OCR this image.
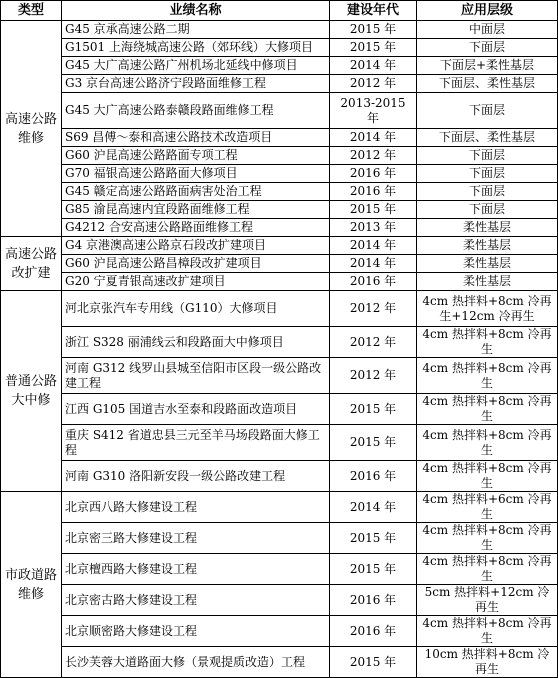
类型	业绩名称	建设年代	应用层级
高速公路维修	G45 京承高速公路二期	2015 年	中面层
	G1501 上海绕城高速公路（郊环线）大修项目	2015 年	下面层
	G45 大广高速公路广州机场北延线中修项目	2014 年	下面层+柔性基层
	G3 京台高速公路济宁段路面维修工程	2012 年	下面层、柔性基层
	G45 大广高速公路泰赣段路面维修工程	2013-2015 年	下面层
	S69 昌傅～泰和高速公路技术改造项目	2014 年	下面层、柔性基层
	G60 沪昆高速公路路面专项工程	2012 年	下面层
	G70 福银高速公路路面大修项目	2016 年	下面层
	G45 赣定高速公路路面病害处治工程	2016 年	下面层
	G85 渝昆高速内宜段路面维修工程	2015 年	下面层
	G4212 合安高速公路路面维修工程	2013 年	柔性基层
高速公路改扩建	G4 京港澳高速公路京石段改扩建项目	2014 年	柔性基层
	G60 沪昆高速公路昌樟段改扩建项目	2014 年	柔性基层
	G20 宁夏青银高速改扩建项目	2016 年	柔性基层
普通公路大中修	河北京张汽车专用线（G110）大修项目	2012 年	4cm 热拌料+8cm 冷再生+12cm 冷再生
	浙江 S328 丽浦线云和段路面大中修项目	2012 年	4cm 热拌料+8cm 冷再生
	河南 G312 线罗山县城至信阳市区段一级公路改建工程	2012 年	4cm 热拌料+8cm 冷再生
	江西 G105 国道吉水至泰和段路面改造项目	2015 年	4cm 热拌料+8cm 冷再生
	重庆 S412 省道忠县三元至羊马场段路面大修工程	2015 年	4cm 热拌料+8cm 冷再生
	河南 G310 洛阳新安段一级公路改建工程	2016 年	4cm 热拌料+8cm 冷再生
市政道路维修	北京西八路大修建设工程	2014 年	4cm 热拌料+6cm 冷再生
	北京密三路大修建设工程	2015 年	4cm 热拌料+8cm 冷再生
	北京檀西路大修建设工程	2015 年	4cm 热拌料+8cm 冷再生
	北京密古路大修建设工程	2016 年	5cm 热拌料+12cm 冷再生
	北京顺密路大修建设工程	2016 年	4cm 热拌料+8cm 冷再生
	长沙芙蓉大道路面大修（景观提质改造）工程	2015 年	10cm 热拌料+8cm 冷再生
